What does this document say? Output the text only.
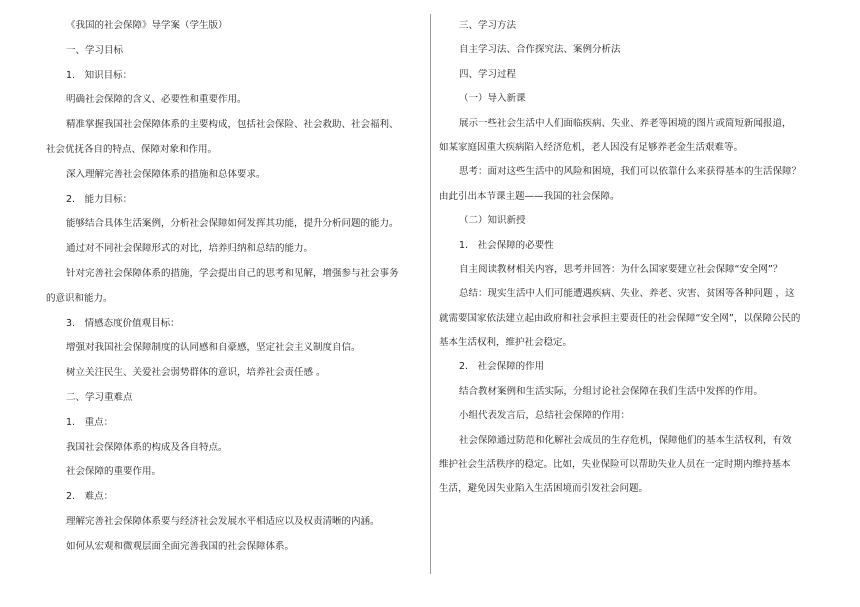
《我国的社会保障》导学案（学生版）
一、学习目标
1.　知识目标：
明确社会保障的含义、必要性和重要作用。
精准掌握我国社会保障体系的主要构成，包括社会保险、社会救助、社会福利、
社会优抚各自的特点、保障对象和作用。
深入理解完善社会保障体系的措施和总体要求。
2.　能力目标：
能够结合具体生活案例，分析社会保障如何发挥其功能，提升分析问题的能力。
通过对不同社会保障形式的对比，培养归纳和总结的能力。
针对完善社会保障体系的措施，学会提出自己的思考和见解，增强参与社会事务
的意识和能力。
3.　情感态度价值观目标：
增强对我国社会保障制度的认同感和自豪感，坚定社会主义制度自信。
树立关注民生、关爱社会弱势群体的意识，培养社会责任感 。
二、学习重难点
1.　重点：
我国社会保障体系的构成及各自特点。
社会保障的重要作用。
2.　难点：
理解完善社会保障体系要与经济社会发展水平相适应以及权责清晰的内涵。
如何从宏观和微观层面全面完善我国的社会保障体系。
三、学习方法
自主学习法、合作探究法、案例分析法
四、学习过程
（一）导入新课
展示一些社会生活中人们面临疾病、失业、养老等困境的图片或简短新闻报道，
如某家庭因重大疾病陷入经济危机，老人因没有足够养老金生活艰难等。
思考：面对这些生活中的风险和困境，我们可以依靠什么来获得基本的生活保障？
由此引出本节课主题——我国的社会保障。
（二）知识新授
1.　社会保障的必要性
自主阅读教材相关内容，思考并回答：为什么国家要建立社会保障“安全网”？
总结：现实生活中人们可能遭遇疾病、失业、养老、灾害、贫困等各种问题 ，这
就需要国家依法建立起由政府和社会承担主要责任的社会保障“安全网”，以保障公民的
基本生活权利，维护社会稳定。
2.　社会保障的作用
结合教材案例和生活实际，分组讨论社会保障在我们生活中发挥的作用。
小组代表发言后，总结社会保障的作用：
社会保障通过防范和化解社会成员的生存危机，保障他们的基本生活权利，有效
维护社会生活秩序的稳定。比如，失业保险可以帮助失业人员在一定时期内维持基本
生活，避免因失业陷入生活困境而引发社会问题。
